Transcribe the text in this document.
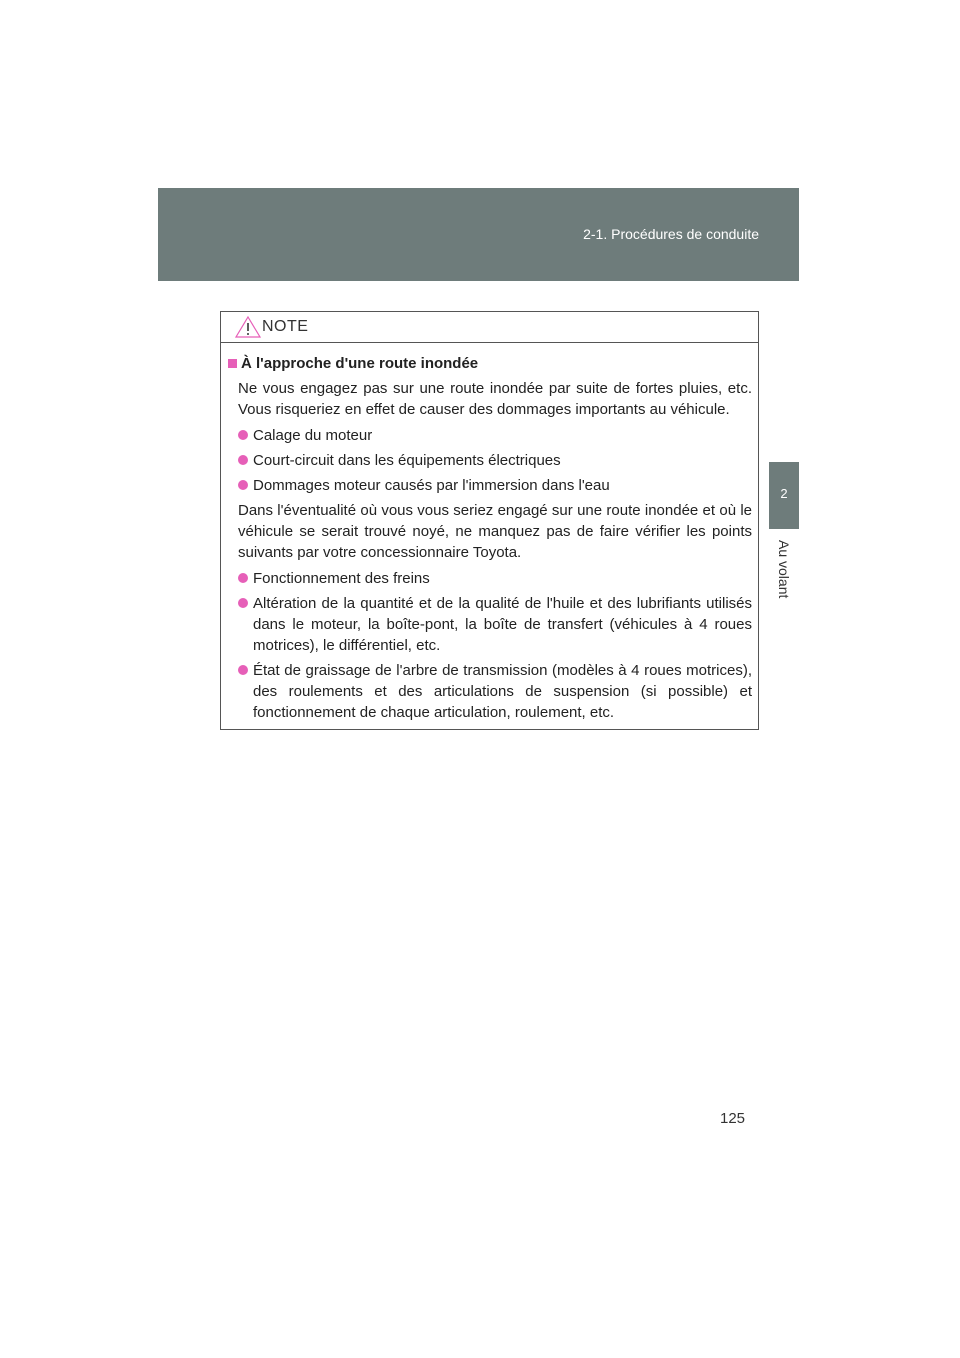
2-1. Procédures de conduite
2
Au volant
NOTE
À l'approche d'une route inondée
Ne vous engagez pas sur une route inondée par suite de fortes pluies, etc. Vous risqueriez en effet de causer des dommages importants au véhicule.
Calage du moteur
Court-circuit dans les équipements électriques
Dommages moteur causés par l'immersion dans l'eau
Dans l'éventualité où vous vous seriez engagé sur une route inondée et où le véhicule se serait trouvé noyé, ne manquez pas de faire vérifier les points suivants par votre concessionnaire Toyota.
Fonctionnement des freins
Altération de la quantité et de la qualité de l'huile et des lubrifiants utilisés dans le moteur, la boîte-pont, la boîte de transfert (véhicules à 4 roues motrices), le différentiel, etc.
État de graissage de l'arbre de transmission (modèles à 4 roues motrices), des roulements et des articulations de suspension (si possible) et fonctionnement de chaque articulation, roulement, etc.
125
